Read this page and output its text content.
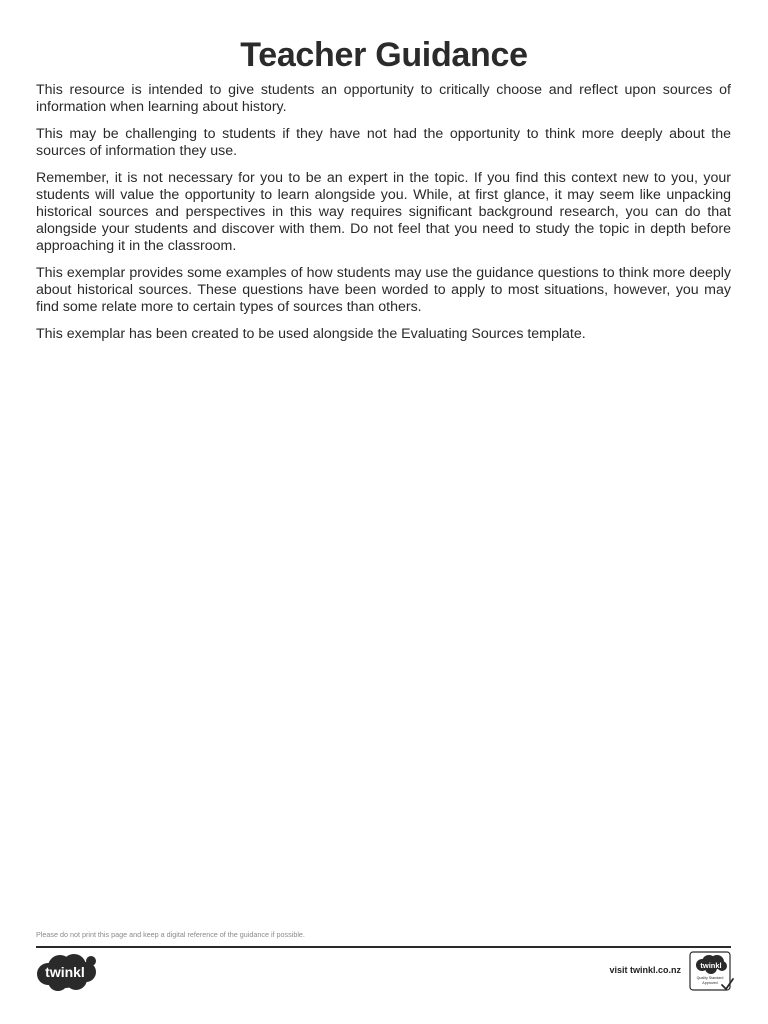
Teacher Guidance

This resource is intended to give students an opportunity to critically choose and reflect upon sources of information when learning about history.

This may be challenging to students if they have not had the opportunity to think more deeply about the sources of information they use.

Remember, it is not necessary for you to be an expert in the topic. If you find this context new to you, your students will value the opportunity to learn alongside you. While, at first glance, it may seem like unpacking historical sources and perspectives in this way requires significant background research, you can do that alongside your students and discover with them. Do not feel that you need to study the topic in depth before approaching it in the classroom.

This exemplar provides some examples of how students may use the guidance questions to think more deeply about historical sources. These questions have been worded to apply to most situations, however, you may find some relate more to certain types of sources than others.

This exemplar has been created to be used alongside the Evaluating Sources template.

Please do not print this page and keep a digital reference of the guidance if possible.
twinkl	visit twinkl.co.nz	twinkl
Quality Standard
Approved
